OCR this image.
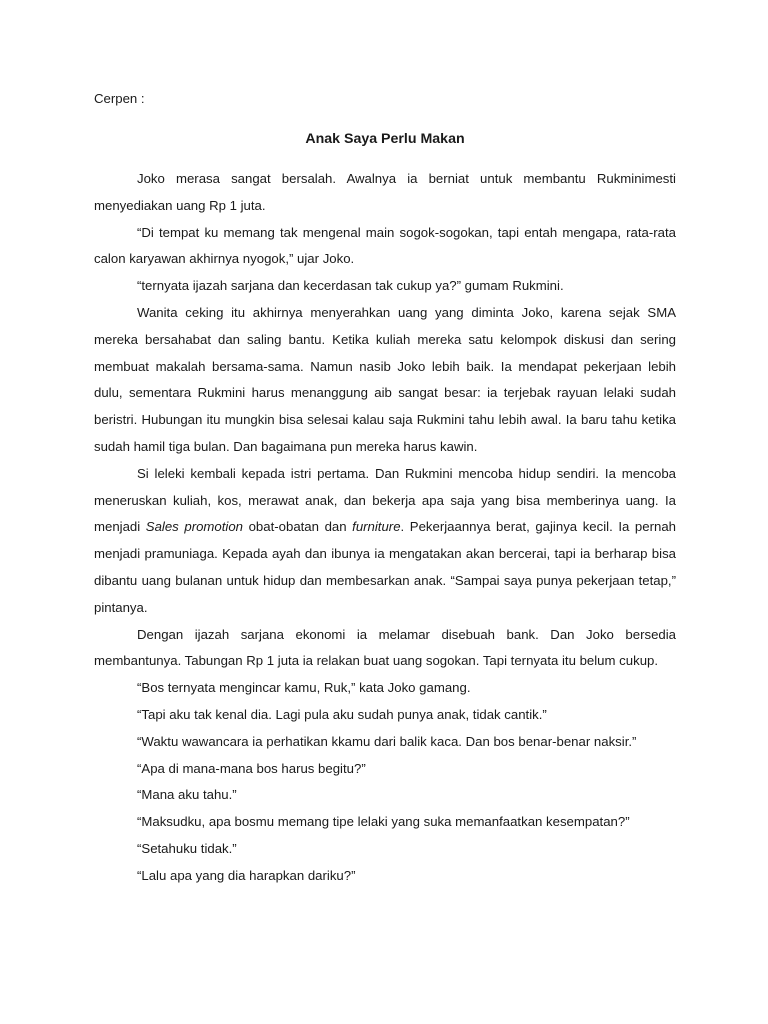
Cerpen :

Anak Saya Perlu Makan

Joko merasa sangat bersalah. Awalnya ia berniat untuk membantu Rukminimesti menyediakan uang Rp 1 juta.

“Di tempat ku memang tak mengenal main sogok-sogokan, tapi entah mengapa, rata-rata calon karyawan akhirnya nyogok,” ujar Joko.

“ternyata ijazah sarjana dan kecerdasan tak cukup ya?” gumam Rukmini.

Wanita ceking itu akhirnya menyerahkan uang yang diminta Joko, karena sejak SMA mereka bersahabat dan saling bantu. Ketika kuliah mereka satu kelompok diskusi dan sering membuat makalah bersama-sama. Namun nasib Joko lebih baik. Ia mendapat pekerjaan lebih dulu, sementara Rukmini harus menanggung aib sangat besar: ia terjebak rayuan lelaki sudah beristri. Hubungan itu mungkin bisa selesai kalau saja Rukmini tahu lebih awal. Ia baru tahu ketika sudah hamil tiga bulan. Dan bagaimana pun mereka harus kawin.

Si leleki kembali kepada istri pertama. Dan Rukmini mencoba hidup sendiri. Ia mencoba meneruskan kuliah, kos, merawat anak, dan bekerja apa saja yang bisa memberinya uang. Ia menjadi Sales promotion obat-obatan dan furniture. Pekerjaannya berat, gajinya kecil. Ia pernah menjadi pramuniaga. Kepada ayah dan ibunya ia mengatakan akan bercerai, tapi ia berharap bisa dibantu uang bulanan untuk hidup dan membesarkan anak. “Sampai saya punya pekerjaan tetap,” pintanya.

Dengan ijazah sarjana ekonomi ia melamar disebuah bank. Dan Joko bersedia membantunya. Tabungan Rp 1 juta ia relakan buat uang sogokan. Tapi ternyata itu belum cukup.

“Bos ternyata mengincar kamu, Ruk,” kata Joko gamang.

“Tapi aku tak kenal dia. Lagi pula aku sudah punya anak, tidak cantik.”

“Waktu wawancara ia perhatikan kkamu dari balik kaca. Dan bos benar-benar naksir.”

“Apa di mana-mana bos harus begitu?”

“Mana aku tahu.”

“Maksudku, apa bosmu memang tipe lelaki yang suka memanfaatkan kesempatan?”

“Setahuku tidak.”

“Lalu apa yang dia harapkan dariku?”
